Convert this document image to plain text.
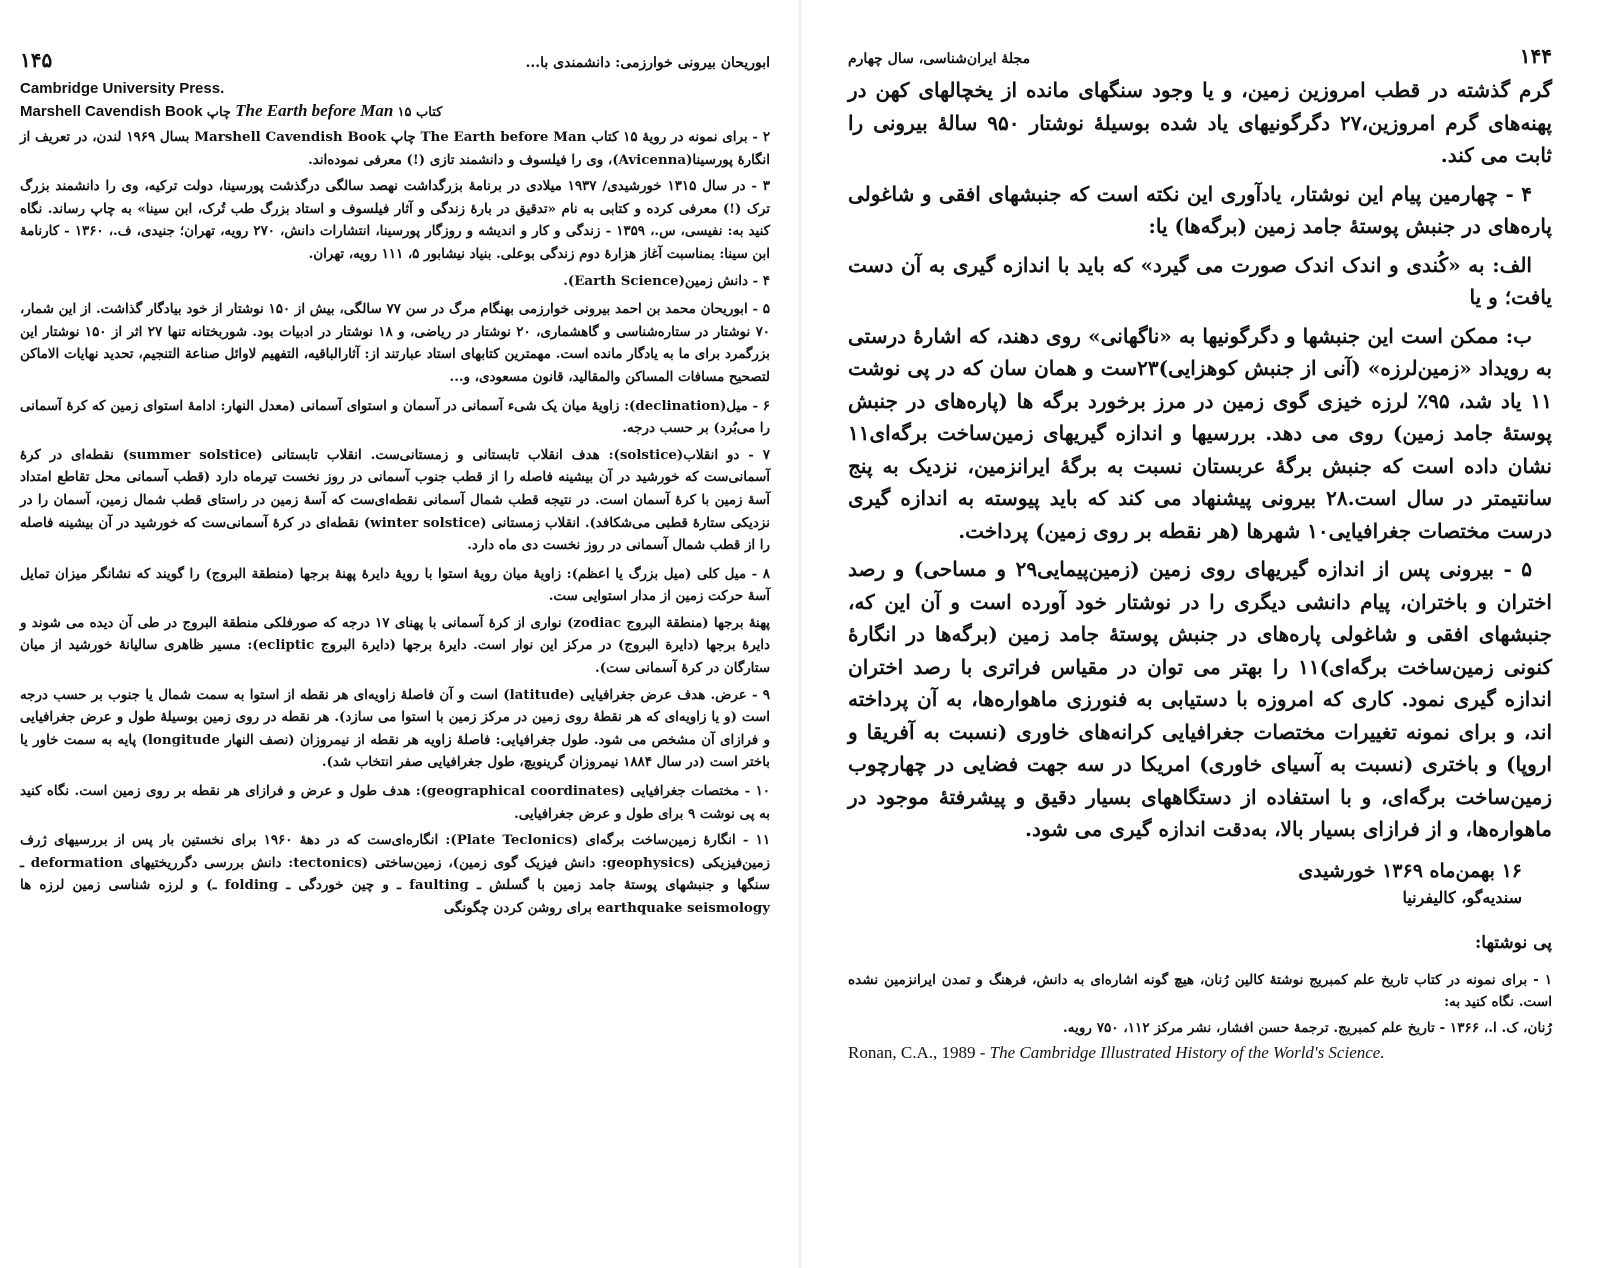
۱۴۵	ابوریحان بیرونی خوارزمی: دانشمندی با...
Cambridge University Press.
Marshell Cavendish Book چاپ The Earth before Man کتاب ۱۵

۲ - برای نمونه در رویهٔ ۱۵ کتاب The Earth before Man چاپ Marshell Cavendish Book بسال ۱۹۶۹ لندن، در تعریف از انگارهٔ پورسینا(Avicenna)، وی را فیلسوف و دانشمند تازی (!) معرفی نموده‌اند.

۳ - در سال ۱۳۱۵ خورشیدی/ ۱۹۳۷ میلادی در برنامهٔ بزرگداشت نهصد سالگی درگذشت پورسینا، دولت ترکیه، وی را دانشمند بزرگ ترک (!) معرفی کرده و کتابی به نام «تدقیق در بارهٔ زندگی و آثار فیلسوف و استاد بزرگ طب تُرک، ابن سینا» به چاپ رساند. نگاه کنید به: نفیسی، س.، ۱۳۵۹ - زندگی و کار و اندیشه و روزگار پورسینا، انتشارات دانش، ۲۷۰ رویه، تهران؛ جنیدی، ف.، ۱۳۶۰ - کارنامهٔ ابن سینا: بمناسبت آغاز هزارهٔ دوم زندگی بوعلی. بنیاد نیشابور ۵، ۱۱۱ رویه، تهران.

۴ - دانش زمین(Earth Science).

۵ - ابوریحان محمد بن احمد بیرونی خوارزمی بهنگام مرگ در سن ۷۷ سالگی، بیش از ۱۵۰ نوشتار از خود بیادگار گذاشت. از این شمار، ۷۰ نوشتار در ستاره‌شناسی و گاهشماری، ۲۰ نوشتار در ریاضی، و ۱۸ نوشتار در ادبیات بود. شوربختانه تنها ۲۷ اثر از ۱۵۰ نوشتار این بزرگمرد برای ما به یادگار مانده است. مهمترین کتابهای استاد عبارتند از: آثارالباقیه، التفهیم لاوائل صناعة التنجیم، تحدید نهایات الاماکن لتصحیح مسافات المساکن والمقالید، قانون مسعودی، و...

۶ - میل(declination): زاویهٔ میان یک شیء آسمانی در آسمان و استوای آسمانی (معدل النهار: ادامهٔ استوای زمین که کرهٔ آسمانی را می‌بُرد) بر حسب درجه.

۷ - دو انقلاب(solstice): هدف انقلاب تابستانی و زمستانی‌ست. انقلاب تابستانی (summer solstice) نقطه‌ای در کرهٔ آسمانی‌ست که خورشید در آن بیشینه فاصله را از قطب جنوب آسمانی در روز نخست تیرماه دارد (قطب آسمانی محل تقاطع امتداد آسهٔ زمین با کرهٔ آسمان است. در نتیجه قطب شمال آسمانی نقطه‌ای‌ست که آسهٔ زمین در راستای قطب شمال زمین، آسمان را در نزدیکی ستارهٔ قطبی می‌شکافد). انقلاب زمستانی (winter solstice) نقطه‌ای در کرهٔ آسمانی‌ست که خورشید در آن بیشینه فاصله را از قطب شمال آسمانی در روز نخست دی ماه دارد.

۸ - میل کلی (میل بزرگ یا اعظم): زاویهٔ میان رویهٔ استوا با رویهٔ دایرهٔ پهنهٔ برجها (منطقة البروج) را گویند که نشانگر میزان تمایل آسهٔ حرکت زمین از مدار استوایی ست.

پهنهٔ برجها (منطقة البروج zodiac) نواری از کرهٔ آسمانی با پهنای ۱۷ درجه که صورفلکی منطقة البروج در طی آن دیده می شوند و دایرهٔ برجها (دایرة البروج) در مرکز این نوار است. دایرهٔ برجها (دایرة البروج ecliptic): مسیر ظاهری سالیانهٔ خورشید از میان ستارگان در کرهٔ آسمانی ست).

۹ - عرض. هدف عرض جغرافیایی (latitude) است و آن فاصلهٔ زاویه‌ای هر نقطه از استوا به سمت شمال یا جنوب بر حسب درجه است (و یا زاویه‌ای که هر نقطهٔ روی زمین در مرکز زمین با استوا می سازد). هر نقطه در روی زمین بوسیلهٔ طول و عرض جغرافیایی و فرازای آن مشخص می شود. طول جغرافیایی: فاصلهٔ زاویه هر نقطه از نیمروزان (نصف النهار longitude) پایه به سمت خاور یا باختر است (در سال ۱۸۸۴ نیمروزان گرینویچ، طول جغرافیایی صفر انتخاب شد).

۱۰ - مختصات جغرافیایی (geographical coordinates): هدف طول و عرض و فرازای هر نقطه بر روی زمین است. نگاه کنید به پی نوشت ۹ برای طول و عرض جغرافیایی.

۱۱ - انگارهٔ زمین‌ساخت برگه‌ای (Plate Teclonics): انگاره‌ای‌ست که در دههٔ ۱۹۶۰ برای نخستین بار پس از بررسیهای ژرف زمین‌فیزیکی (geophysics: دانش فیزیک گوی زمین)، زمین‌ساختی (tectonics: دانش بررسی دگرریختیهای deformation ـ سنگها و جنبشهای پوستهٔ جامد زمین با گسلش ـ faulting ـ و چین خوردگی ـ folding ـ) و لرزه شناسی زمین لرزه ها earthquake seismology برای روشن کردن چگونگی

مجلهٔ ایران‌شناسی، سال چهارم	۱۴۴

گرم گذشته در قطب امروزین زمین، و یا وجود سنگهای مانده از یخچالهای کهن در پهنه‌های گرم امروزین،۲۷ دگرگونیهای یاد شده بوسیلهٔ نوشتار ۹۵۰ سالهٔ بیرونی را ثابت می کند.

۴ - چهارمین پیام این نوشتار، یادآوری این نکته است که جنبشهای افقی و شاغولی پاره‌های در جنبش پوستهٔ جامد زمین (برگه‌ها) یا:

الف: به «کُندی و اندک اندک صورت می گیرد» که باید با اندازه گیری به آن دست یافت؛ و یا

ب: ممکن است این جنبشها و دگرگونیها به «ناگهانی» روی دهند، که اشارهٔ درستی به رویداد «زمین‌لرزه» (آنی از جنبش کوهزایی)۲۳ست و همان سان که در پی نوشت ۱۱ یاد شد، ۹۵٪ لرزه خیزی گوی زمین در مرز برخورد برگه ها (پاره‌های در جنبش پوستهٔ جامد زمین) روی می دهد. بررسیها و اندازه گیریهای زمین‌ساخت برگه‌ای۱۱ نشان داده است که جنبش برگهٔ عربستان نسبت به برگهٔ ایرانزمین، نزدیک به پنج سانتیمتر در سال است.۲۸ بیرونی پیشنهاد می کند که باید پیوسته به اندازه گیری درست مختصات جغرافیایی۱۰ شهرها (هر نقطه بر روی زمین) پرداخت.

۵ - بیرونی پس از اندازه گیریهای روی زمین (زمین‌پیمایی۲۹ و مساحی) و رصد اختران و باختران، پیام دانشی دیگری را در نوشتار خود آورده است و آن این که، جنبشهای افقی و شاغولی پاره‌های در جنبش پوستهٔ جامد زمین (برگه‌ها در انگارهٔ کنونی زمین‌ساخت برگه‌ای)۱۱ را بهتر می توان در مقیاس فراتری با رصد اختران اندازه گیری نمود. کاری که امروزه با دستیابی به فنورزی ماهواره‌ها، به آن پرداخته اند، و برای نمونه تغییرات مختصات جغرافیایی کرانه‌های خاوری (نسبت به آفریقا و اروپا) و باختری (نسبت به آسیای خاوری) امریکا در سه جهت فضایی در چهارچوب زمین‌ساخت برگه‌ای، و با استفاده از دستگاههای بسیار دقیق و پیشرفتهٔ موجود در ماهواره‌ها، و از فرازای بسیار بالا، به‌دقت اندازه گیری می شود.

۱۶ بهمن‌ماه ۱۳۶۹ خورشیدی
سندیه‌گو، کالیفرنیا
پی نوشتها:

۱ - برای نمونه در کتاب تاریخ علم کمبریج نوشتهٔ کالین رُنان، هیچ گونه اشاره‌ای به دانش، فرهنگ و تمدن ایرانزمین نشده است. نگاه کنید به:

رُنان، ک. ا.، ۱۳۶۶ - تاریخ علم کمبریج. ترجمهٔ حسن افشار، نشر مرکز ۱۱۲، ۷۵۰ رویه.

Ronan, C.A., 1989 - The Cambridge Illustrated History of the World's Science.
